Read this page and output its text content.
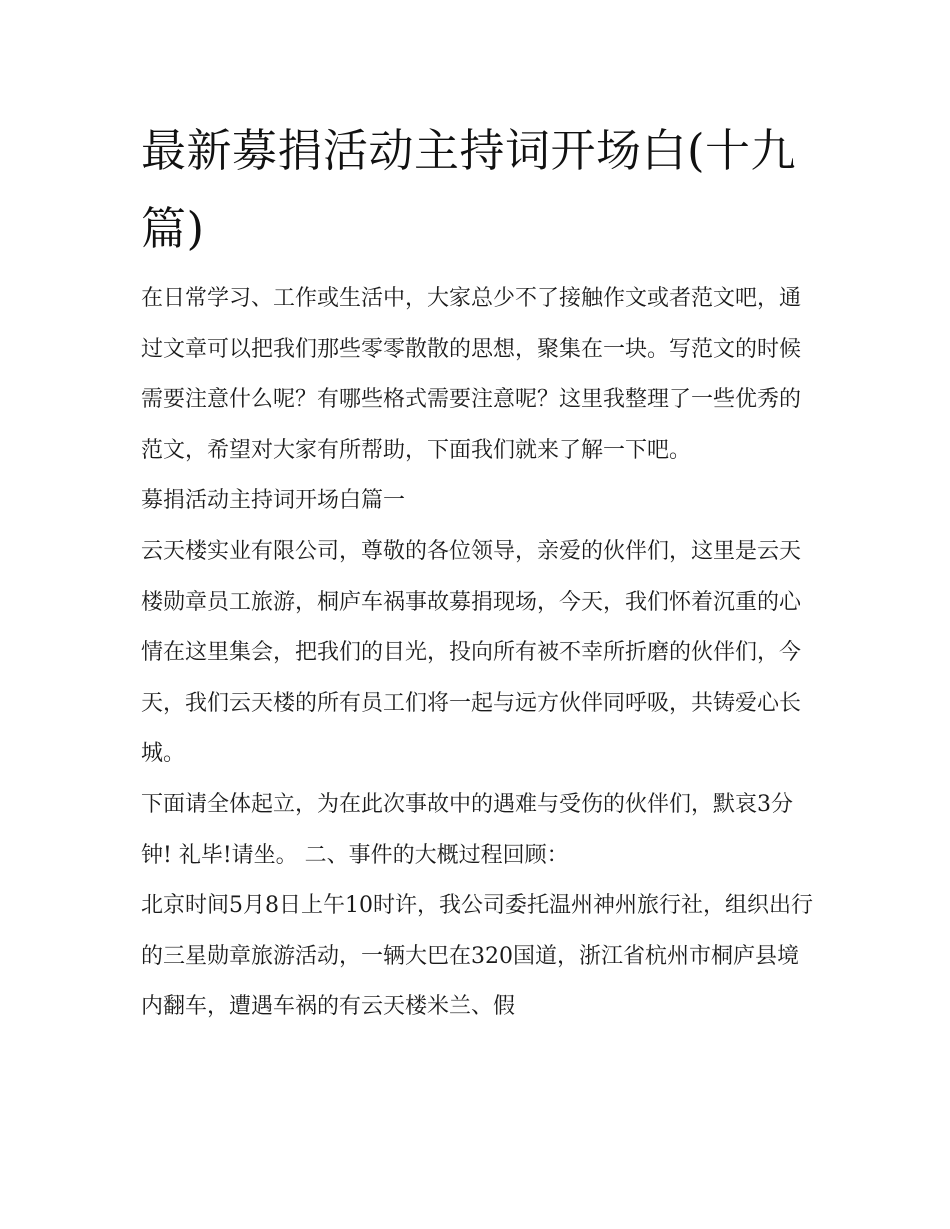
最新募捐活动主持词开场白(十九篇)

在日常学习、工作或生活中，大家总少不了接触作文或者范文吧，通过文章可以把我们那些零零散散的思想，聚集在一块。写范文的时候需要注意什么呢？有哪些格式需要注意呢？这里我整理了一些优秀的范文，希望对大家有所帮助，下面我们就来了解一下吧。

募捐活动主持词开场白篇一

云天楼实业有限公司，尊敬的各位领导，亲爱的伙伴们，这里是云天楼勋章员工旅游，桐庐车祸事故募捐现场，今天，我们怀着沉重的心情在这里集会，把我们的目光，投向所有被不幸所折磨的伙伴们，今天，我们云天楼的所有员工们将一起与远方伙伴同呼吸，共铸爱心长城。

下面请全体起立，为在此次事故中的遇难与受伤的伙伴们，默哀3分钟! 礼毕!请坐。 二、事件的大概过程回顾：

北京时间5月8日上午10时许，我公司委托温州神州旅行社，组织出行的三星勋章旅游活动，一辆大巴在320国道，浙江省杭州市桐庐县境内翻车，遭遇车祸的有云天楼米兰、假
